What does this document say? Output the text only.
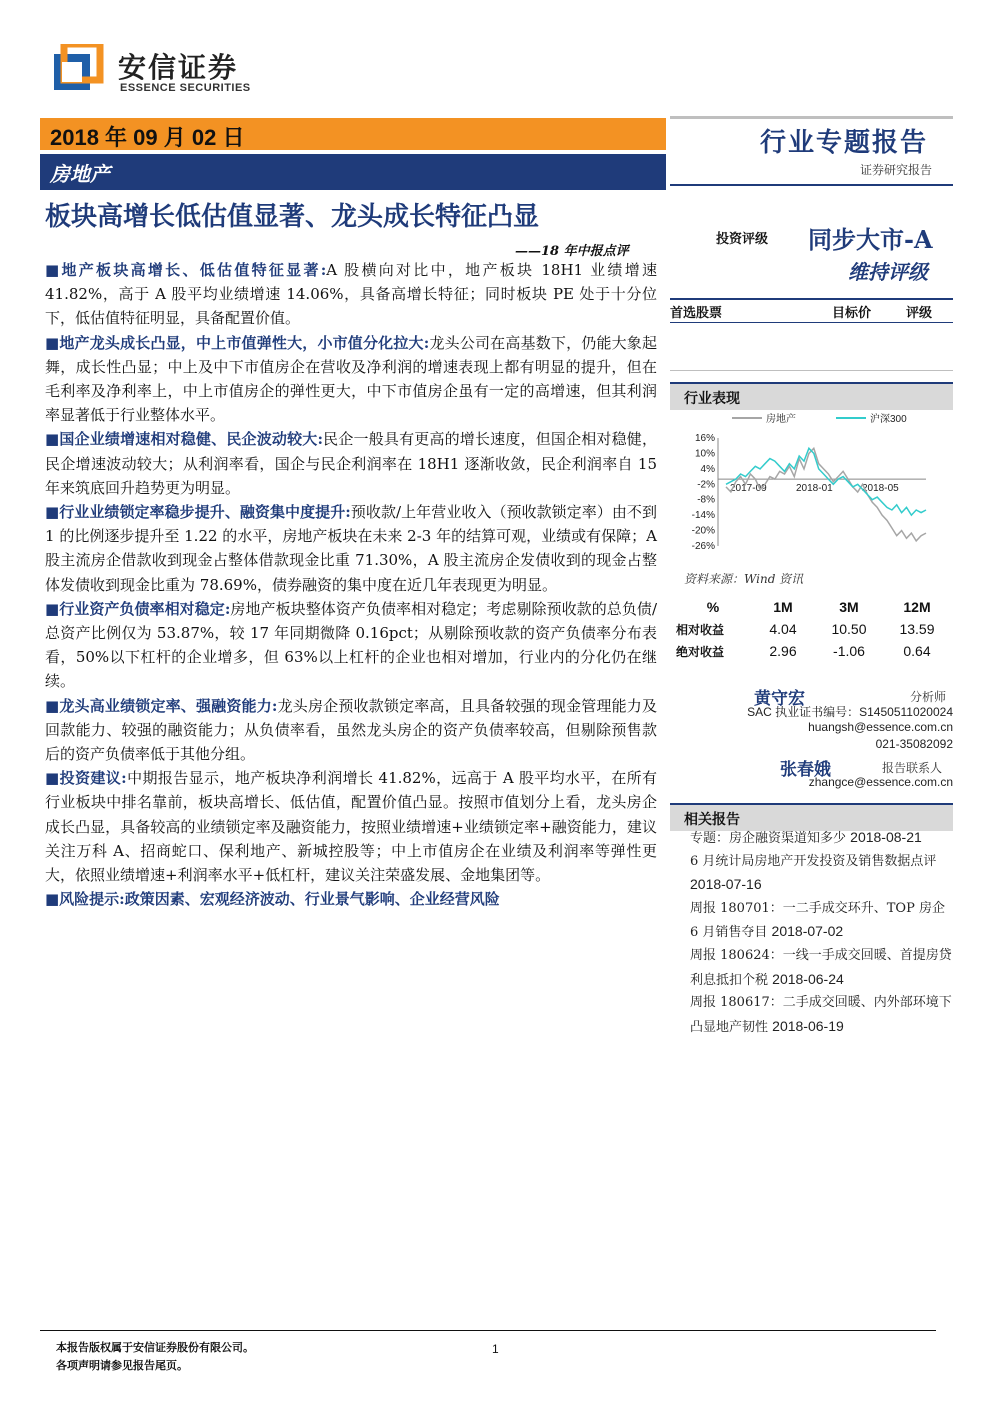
安信证券
ESSENCE SECURITIES
2018 年 09 月 02 日
房地产
行业专题报告
证券研究报告
板块高增长低估值显著、龙头成长特征凸显
——18 年中报点评

■地产板块高增长、低估值特征显著:A 股横向对比中，地产板块 18H1 业绩增速 41.82%，高于 A 股平均业绩增速 14.06%，具备高增长特征；同时板块 PE 处于十分位下，低估值特征明显，具备配置价值。

■地产龙头成长凸显，中上市值弹性大，小市值分化拉大:龙头公司在高基数下，仍能大象起舞，成长性凸显；中上及中下市值房企在营收及净利润的增速表现上都有明显的提升，但在毛利率及净利率上，中上市值房企的弹性更大，中下市值房企虽有一定的高增速，但其利润率显著低于行业整体水平。

■国企业绩增速相对稳健、民企波动较大:民企一般具有更高的增长速度，但国企相对稳健，民企增速波动较大；从利润率看，国企与民企利润率在 18H1 逐渐收敛，民企利润率自 15 年来筑底回升趋势更为明显。

■行业业绩锁定率稳步提升、融资集中度提升:预收款/上年营业收入（预收款锁定率）由不到 1 的比例逐步提升至 1.22 的水平，房地产板块在未来 2-3 年的结算可观，业绩或有保障；A 股主流房企借款收到现金占整体借款现金比重 71.30%，A 股主流房企发债收到的现金占整体发债收到现金比重为 78.69%，债券融资的集中度在近几年表现更为明显。

■行业资产负债率相对稳定:房地产板块整体资产负债率相对稳定；考虑剔除预收款的总负债/总资产比例仅为 53.87%，较 17 年同期微降 0.16pct；从剔除预收款的资产负债率分布表看，50%以下杠杆的企业增多，但 63%以上杠杆的企业也相对增加，行业内的分化仍在继续。

■龙头高业绩锁定率、强融资能力:龙头房企预收款锁定率高，且具备较强的现金管理能力及回款能力、较强的融资能力；从负债率看，虽然龙头房企的资产负债率较高，但剔除预售款后的资产负债率低于其他分组。

■投资建议:中期报告显示，地产板块净利润增长 41.82%，远高于 A 股平均水平，在所有行业板块中排名靠前，板块高增长、低估值，配置价值凸显。按照市值划分上看，龙头房企成长凸显，具备较高的业绩锁定率及融资能力，按照业绩增速+业绩锁定率+融资能力，建议关注万科 A、招商蛇口、保利地产、新城控股等；中上市值房企在业绩及利润率等弹性更大，依照业绩增速+利润率水平+低杠杆，建议关注荣盛发展、金地集团等。

■风险提示:政策因素、宏观经济波动、行业景气影响、企业经营风险

投资评级 同步大市-A
维持评级
首选股票	目标价	评级
行业表现
房地产	沪深300
16%
10%
4%
-2%
-8%
-14%
-20%
-26%
2017-09	2018-01	2018-05
资料来源：Wind 资讯
%	1M	3M	12M
相对收益	4.04	10.50	13.59
绝对收益	2.96	-1.06	0.64
黄守宏	分析师
SAC 执业证书编号：S1450511020024
huangsh@essence.com.cn
021-35082092
张春娥	报告联系人
zhangce@essence.com.cn
相关报告

专题：房企融资渠道知多少 2018-08-21

6 月统计局房地产开发投资及销售数据点评 2018-07-16

周报 180701：一二手成交环升、TOP 房企 6 月销售夺目 2018-07-02

周报 180624：一线一手成交回暖、首提房贷利息抵扣个税 2018-06-24

周报 180617：二手成交回暖、内外部环境下凸显地产韧性 2018-06-19

本报告版权属于安信证券股份有限公司。
各项声明请参见报告尾页。
1
